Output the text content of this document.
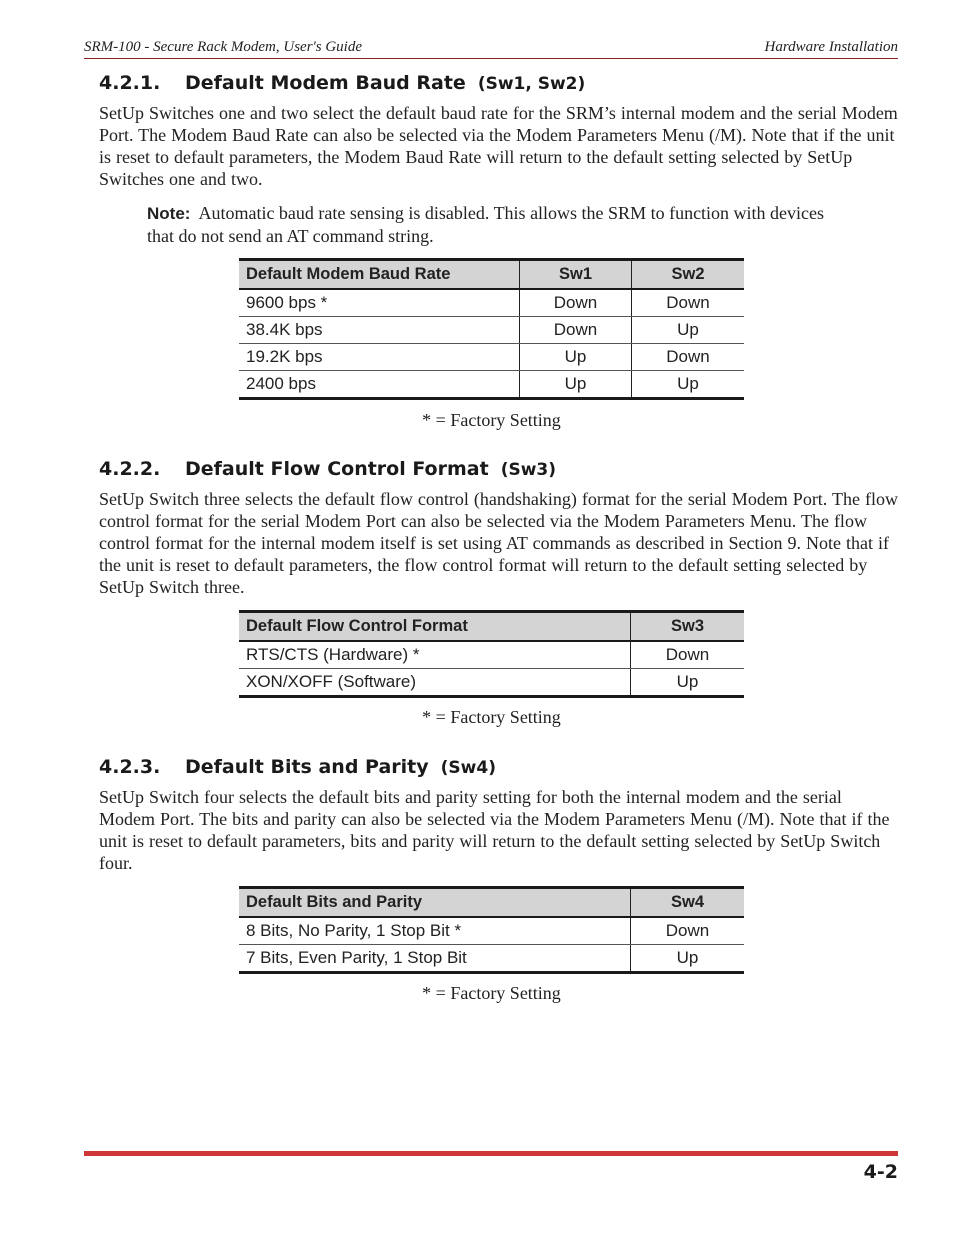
SRM-100 - Secure Rack Modem, User's Guide	Hardware Installation
4.2.1. Default Modem Baud Rate (Sw1, Sw2)
SetUp Switches one and two select the default baud rate for the SRM’s internal modem and the serial Modem Port. The Modem Baud Rate can also be selected via the Modem Parameters Menu (/M). Note that if the unit is reset to default parameters, the Modem Baud Rate will return to the default setting selected by SetUp Switches one and two.
Note: Automatic baud rate sensing is disabled. This allows the SRM to function with devices that do not send an AT command string.
Default Modem Baud Rate	Sw1	Sw2
9600 bps *	Down	Down
38.4K bps	Down	Up
19.2K bps	Up	Down
2400 bps	Up	Up
* = Factory Setting
4.2.2. Default Flow Control Format (Sw3)
SetUp Switch three selects the default flow control (handshaking) format for the serial Modem Port. The flow control format for the serial Modem Port can also be selected via the Modem Parameters Menu. The flow control format for the internal modem itself is set using AT commands as described in Section 9. Note that if the unit is reset to default parameters, the flow control format will return to the default setting selected by SetUp Switch three.
Default Flow Control Format	Sw3
RTS/CTS (Hardware) *	Down
XON/XOFF (Software)	Up
* = Factory Setting
4.2.3. Default Bits and Parity (Sw4)
SetUp Switch four selects the default bits and parity setting for both the internal modem and the serial Modem Port. The bits and parity can also be selected via the Modem Parameters Menu (/M). Note that if the unit is reset to default parameters, bits and parity will return to the default setting selected by SetUp Switch four.
Default Bits and Parity	Sw4
8 Bits, No Parity, 1 Stop Bit *	Down
7 Bits, Even Parity, 1 Stop Bit	Up
* = Factory Setting
4-2
